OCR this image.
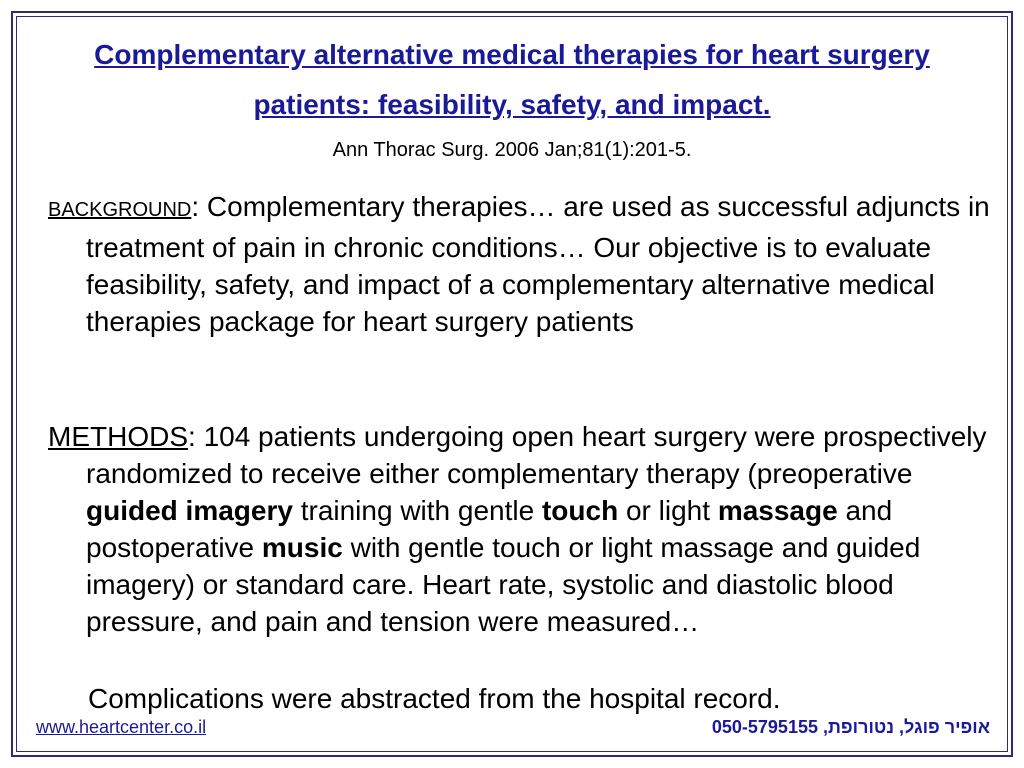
Complementary alternative medical therapies for heart surgery patients: feasibility, safety, and impact.
Ann Thorac Surg. 2006 Jan;81(1):201-5.
BACKGROUND: Complementary therapies… are used as successful adjuncts in treatment of pain in chronic conditions… Our objective is to evaluate feasibility, safety, and impact of a complementary alternative medical therapies package for heart surgery patients
METHODS: 104 patients undergoing open heart surgery were prospectively randomized to receive either complementary therapy (preoperative guided imagery training with gentle touch or light massage and postoperative music with gentle touch or light massage and guided imagery) or standard care. Heart rate, systolic and diastolic blood pressure, and pain and tension were measured…
Complications were abstracted from the hospital record.
www.heartcenter.co.il	אופיר פוגל, נטורופת, 050-5795155
